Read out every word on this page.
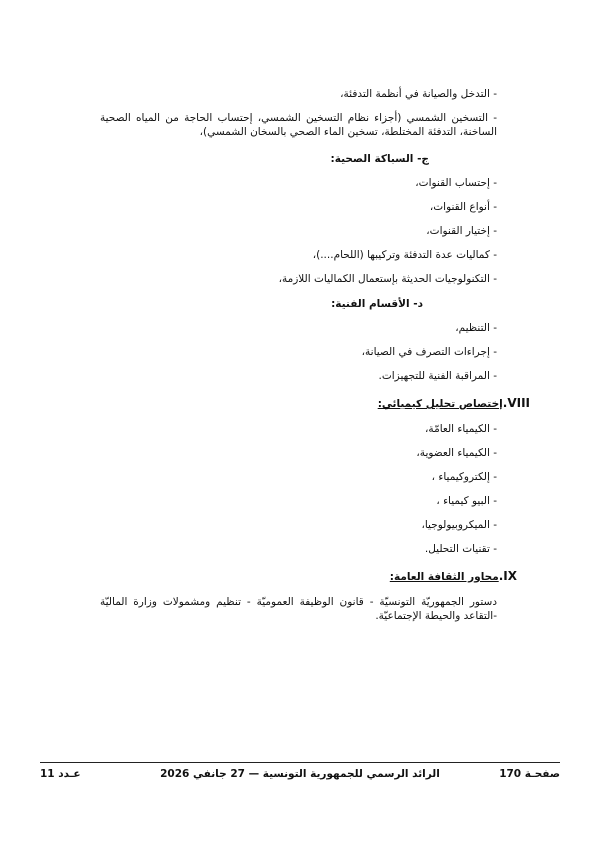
- التدخل والصيانة في أنظمة التدفئة،

- التسخين الشمسي (أجزاء نظام التسخين الشمسي، إحتساب الحاجة من المياه الصحية الساخنة، التدفئة المختلطة، تسخين الماء الصحي بالسخان الشمسي)،

ج- السباكة الصحية:

- إحتساب القنوات،

- أنواع القنوات،

- إختيار القنوات،

- كماليات عدة التدفئة وتركيبها (اللحام....)،

- التكنولوجيات الحديثة بإستعمال الكماليات اللازمة،

د- الأقسام الفنية:

- التنظيم،

- إجراءات التصرف في الصيانة،

- المراقبة الفنية للتجهيزات.

VIII.إختصاص تحليل كيميائي:

- الكيمياء العامّة،

- الكيمياء العضوية،

- إلكتروكيمياء ،

- البيو كيمياء ،

- الميكروبيولوجيا،

- تقنيات التحليل.

IX.محاور الثقافة العامة:

دستور الجمهوريّة التونسيّة - قانون الوظيفة العموميّة - تنظيم ومشمولات وزارة الماليّة -التقاعد والحيطة الإجتماعيّة.

صفحـة 170
الرائد الرسمي للجمهورية التونسية — 27 جانفي 2026
عـدد 11
